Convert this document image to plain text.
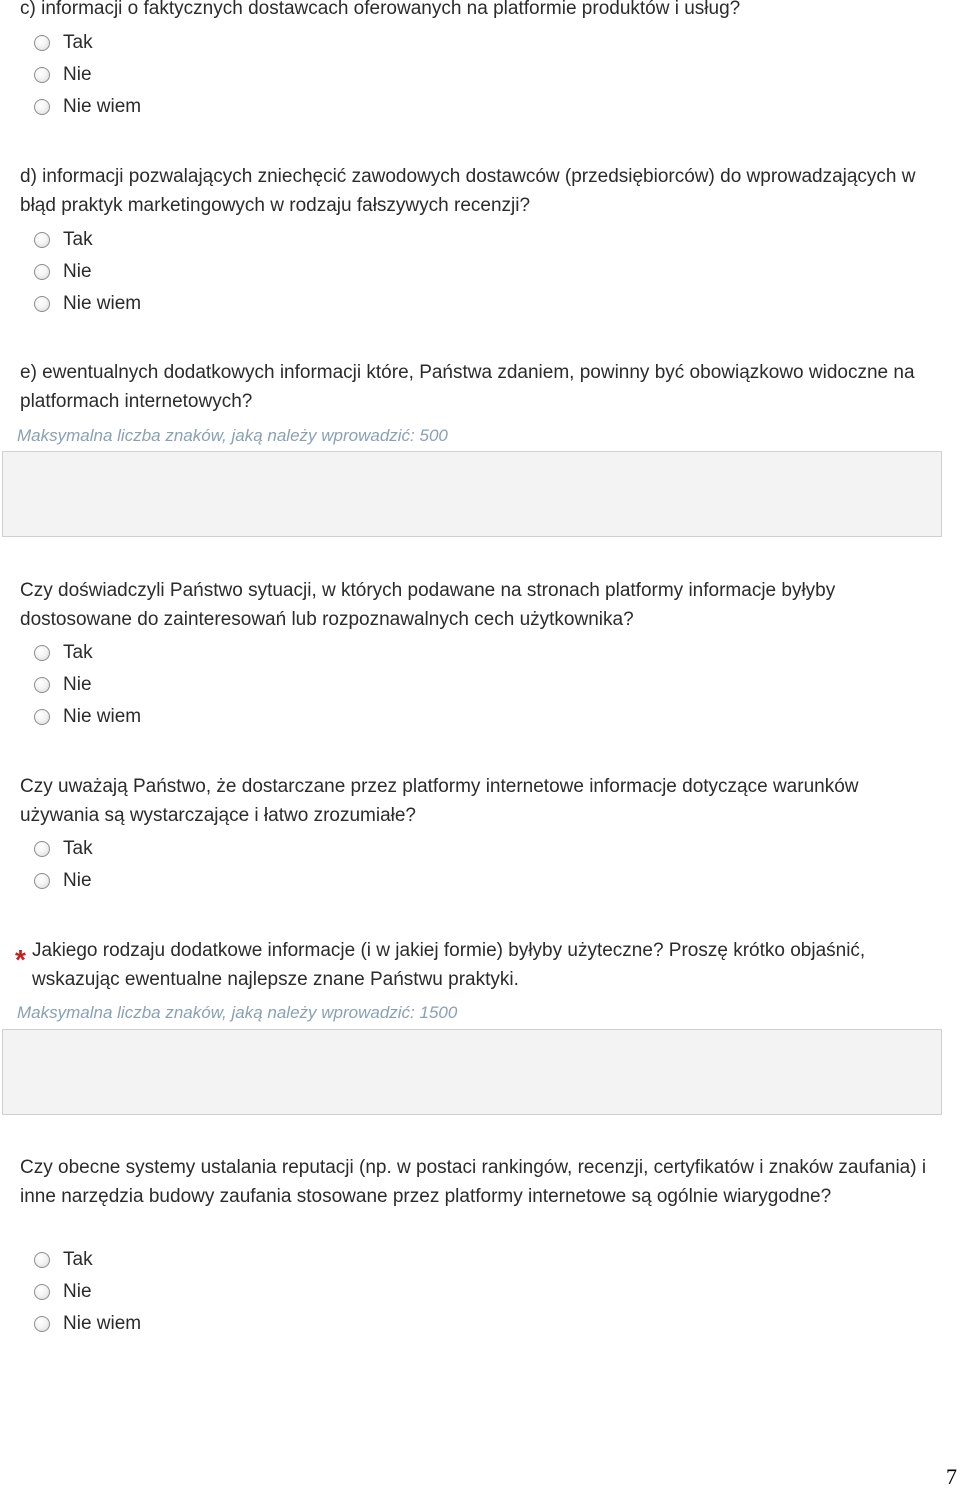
c) informacji o faktycznych dostawcach oferowanych na platformie produktów i usług?
Tak
Nie
Nie wiem
d) informacji pozwalających zniechęcić zawodowych dostawców (przedsiębiorców) do wprowadzających w błąd praktyk marketingowych w rodzaju fałszywych recenzji?
Tak
Nie
Nie wiem
e) ewentualnych dodatkowych informacji które, Państwa zdaniem, powinny być obowiązkowo widoczne na platformach internetowych?
Maksymalna liczba znaków, jaką należy wprowadzić: 500
Czy doświadczyli Państwo sytuacji, w których podawane na stronach platformy informacje byłyby dostosowane do zainteresowań lub rozpoznawalnych cech użytkownika?
Tak
Nie
Nie wiem
Czy uważają Państwo, że dostarczane przez platformy internetowe informacje dotyczące warunków używania są wystarczające i łatwo zrozumiałe?
Tak
Nie
* Jakiego rodzaju dodatkowe informacje (i w jakiej formie) byłyby użyteczne? Proszę krótko objaśnić, wskazując ewentualne najlepsze znane Państwu praktyki.
Maksymalna liczba znaków, jaką należy wprowadzić: 1500
Czy obecne systemy ustalania reputacji (np. w postaci rankingów, recenzji, certyfikatów i znaków zaufania) i inne narzędzia budowy zaufania stosowane przez platformy internetowe są ogólnie wiarygodne?
Tak
Nie
Nie wiem
7
